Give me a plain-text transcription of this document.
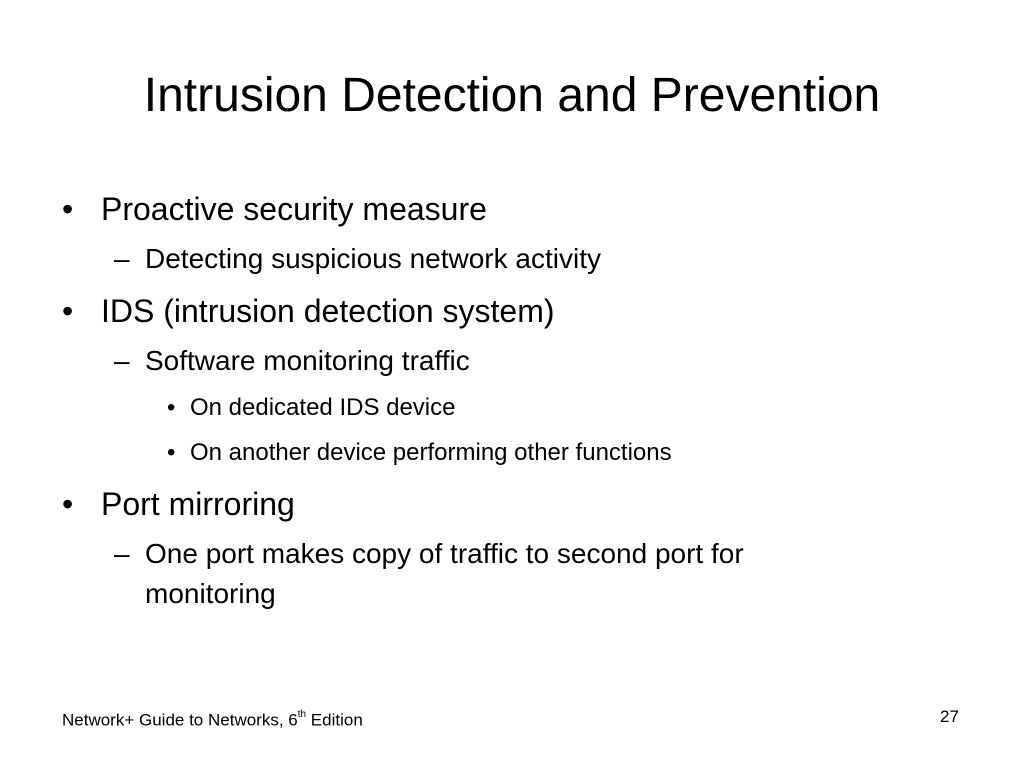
Intrusion Detection and Prevention
• Proactive security measure
– Detecting suspicious network activity
• IDS (intrusion detection system)
– Software monitoring traffic
• On dedicated IDS device
• On another device performing other functions
• Port mirroring
– One port makes copy of traffic to second port for
monitoring
Network+ Guide to Networks, 6th Edition	27
